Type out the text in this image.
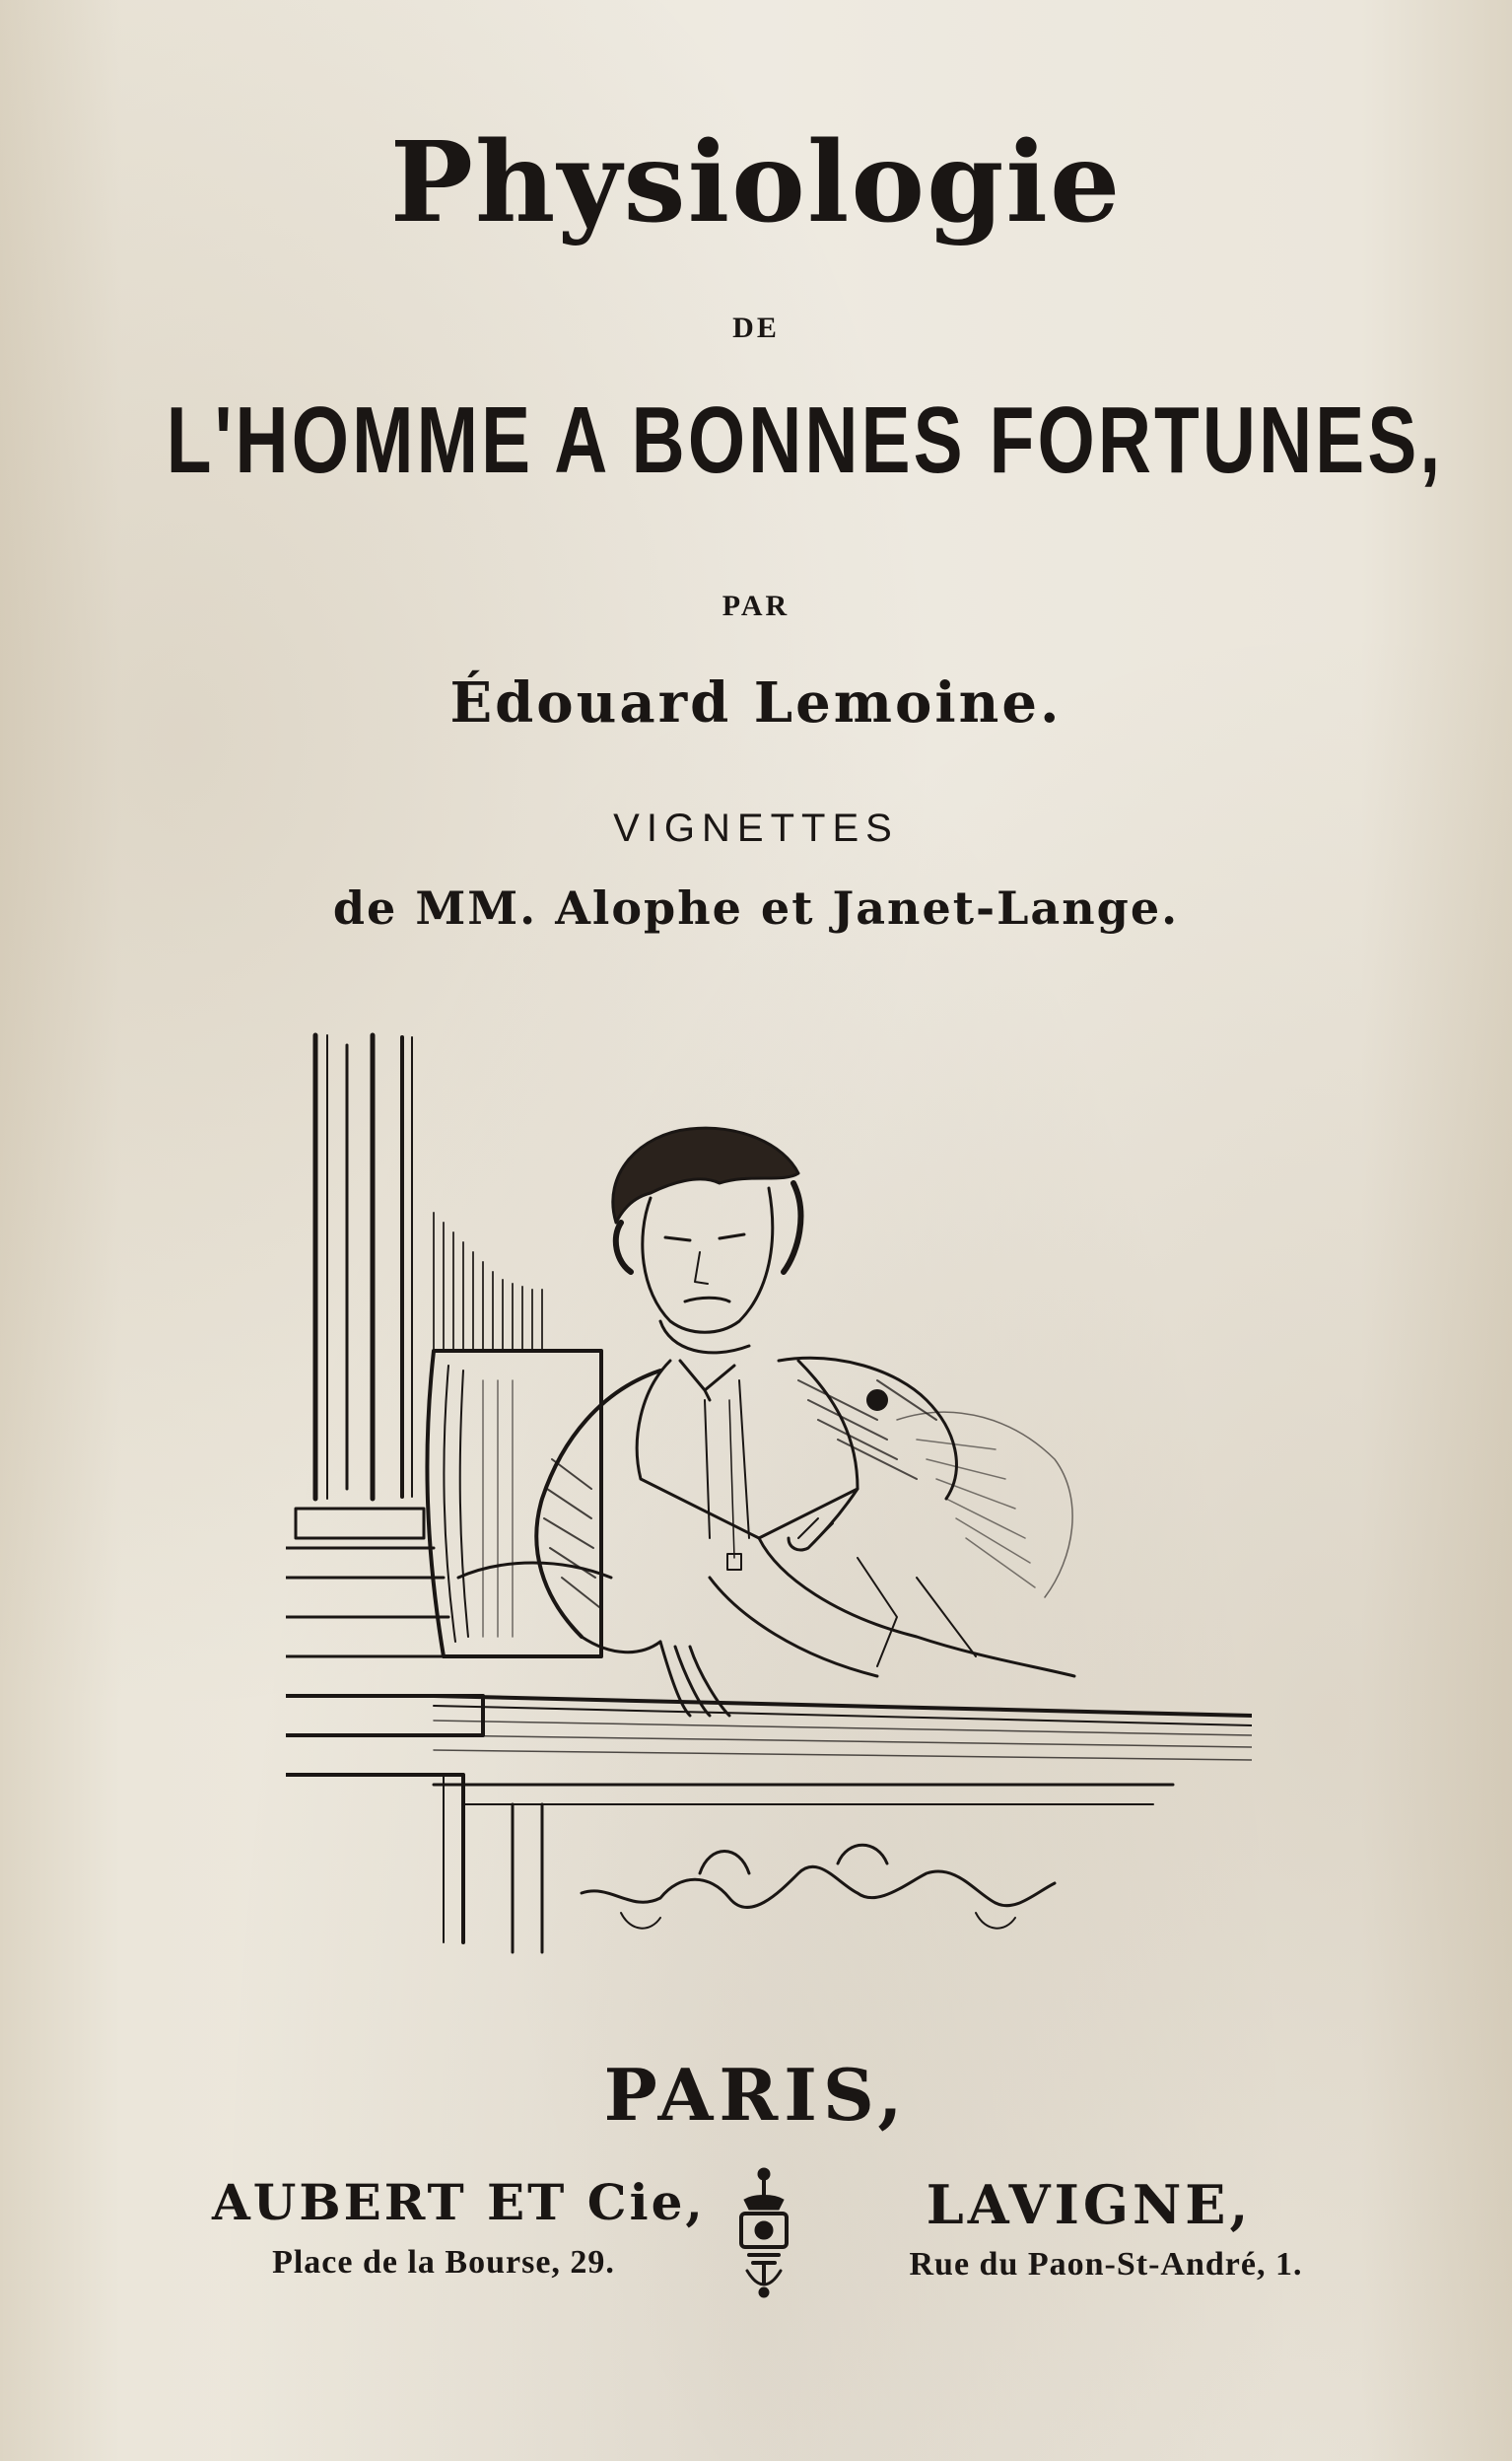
Physiologie
DE
L'HOMME A BONNES FORTUNES,
PAR
Édouard Lemoine.
VIGNETTES
de MM. Alophe et Janet-Lange.
PARIS,
AUBERT ET Cie,
Place de la Bourse, 29.
LAVIGNE,
Rue du Paon-St-André, 1.
